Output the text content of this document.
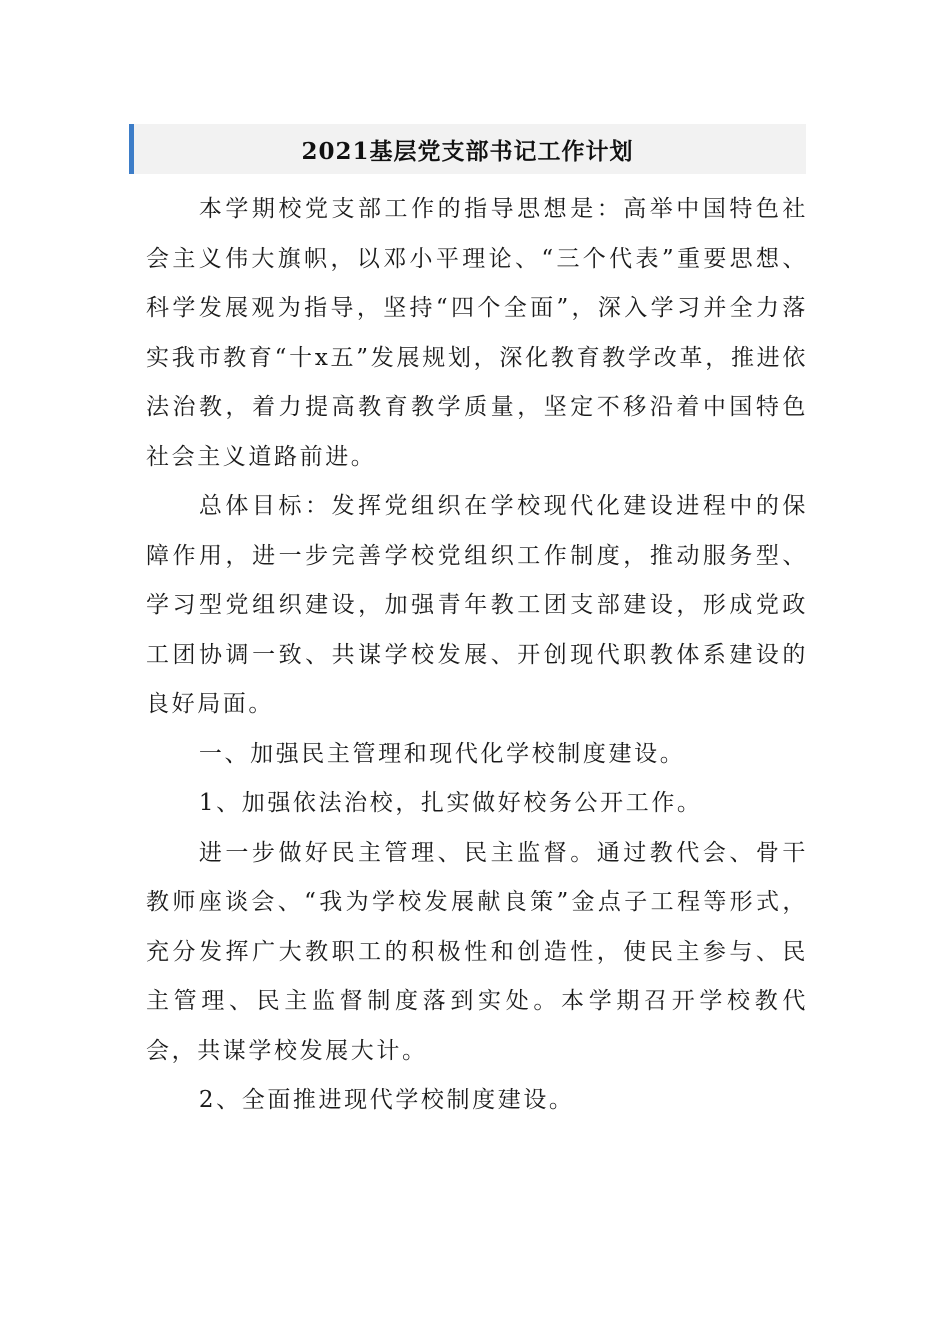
2021基层党支部书记工作计划

本学期校党支部工作的指导思想是：高举中国特色社会主义伟大旗帜，以邓小平理论、“三个代表”重要思想、科学发展观为指导，坚持“四个全面”，深入学习并全力落实我市教育“十x五”发展规划，深化教育教学改革，推进依法治教，着力提高教育教学质量，坚定不移沿着中国特色社会主义道路前进。

总体目标：发挥党组织在学校现代化建设进程中的保障作用，进一步完善学校党组织工作制度，推动服务型、学习型党组织建设，加强青年教工团支部建设，形成党政工团协调一致、共谋学校发展、开创现代职教体系建设的良好局面。

一、加强民主管理和现代化学校制度建设。

1、加强依法治校，扎实做好校务公开工作。

进一步做好民主管理、民主监督。通过教代会、骨干教师座谈会、“我为学校发展献良策”金点子工程等形式，充分发挥广大教职工的积极性和创造性，使民主参与、民主管理、民主监督制度落到实处。本学期召开学校教代会，共谋学校发展大计。

2、全面推进现代学校制度建设。
